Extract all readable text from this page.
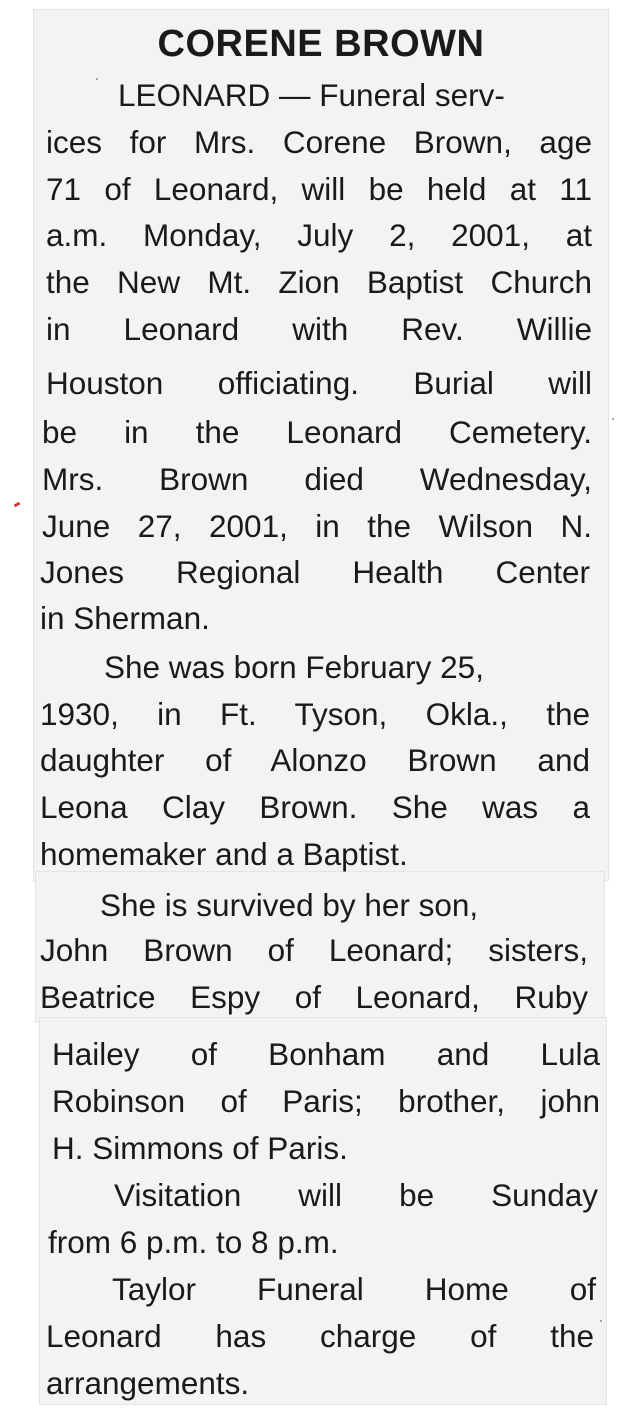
CORENE BROWN

LEONARD — Funeral serv-

ices for Mrs. Corene Brown, age

71 of Leonard, will be held at 11

a.m. Monday, July 2, 2001, at

the New Mt. Zion Baptist Church

in Leonard with Rev. Willie

Houston officiating. Burial will

be in the Leonard Cemetery.

Mrs. Brown died Wednesday,

June 27, 2001, in the Wilson N.

Jones Regional Health Center

in Sherman.

She was born February 25,

1930, in Ft. Tyson, Okla., the

daughter of Alonzo Brown and

Leona Clay Brown. She was a

homemaker and a Baptist.

She is survived by her son,

John Brown of Leonard; sisters,

Beatrice Espy of Leonard, Ruby

Hailey of Bonham and Lula

Robinson of Paris; brother, john

H. Simmons of Paris.

Visitation will be Sunday

from 6 p.m. to 8 p.m.

Taylor Funeral Home of

Leonard has charge of the

arrangements.
